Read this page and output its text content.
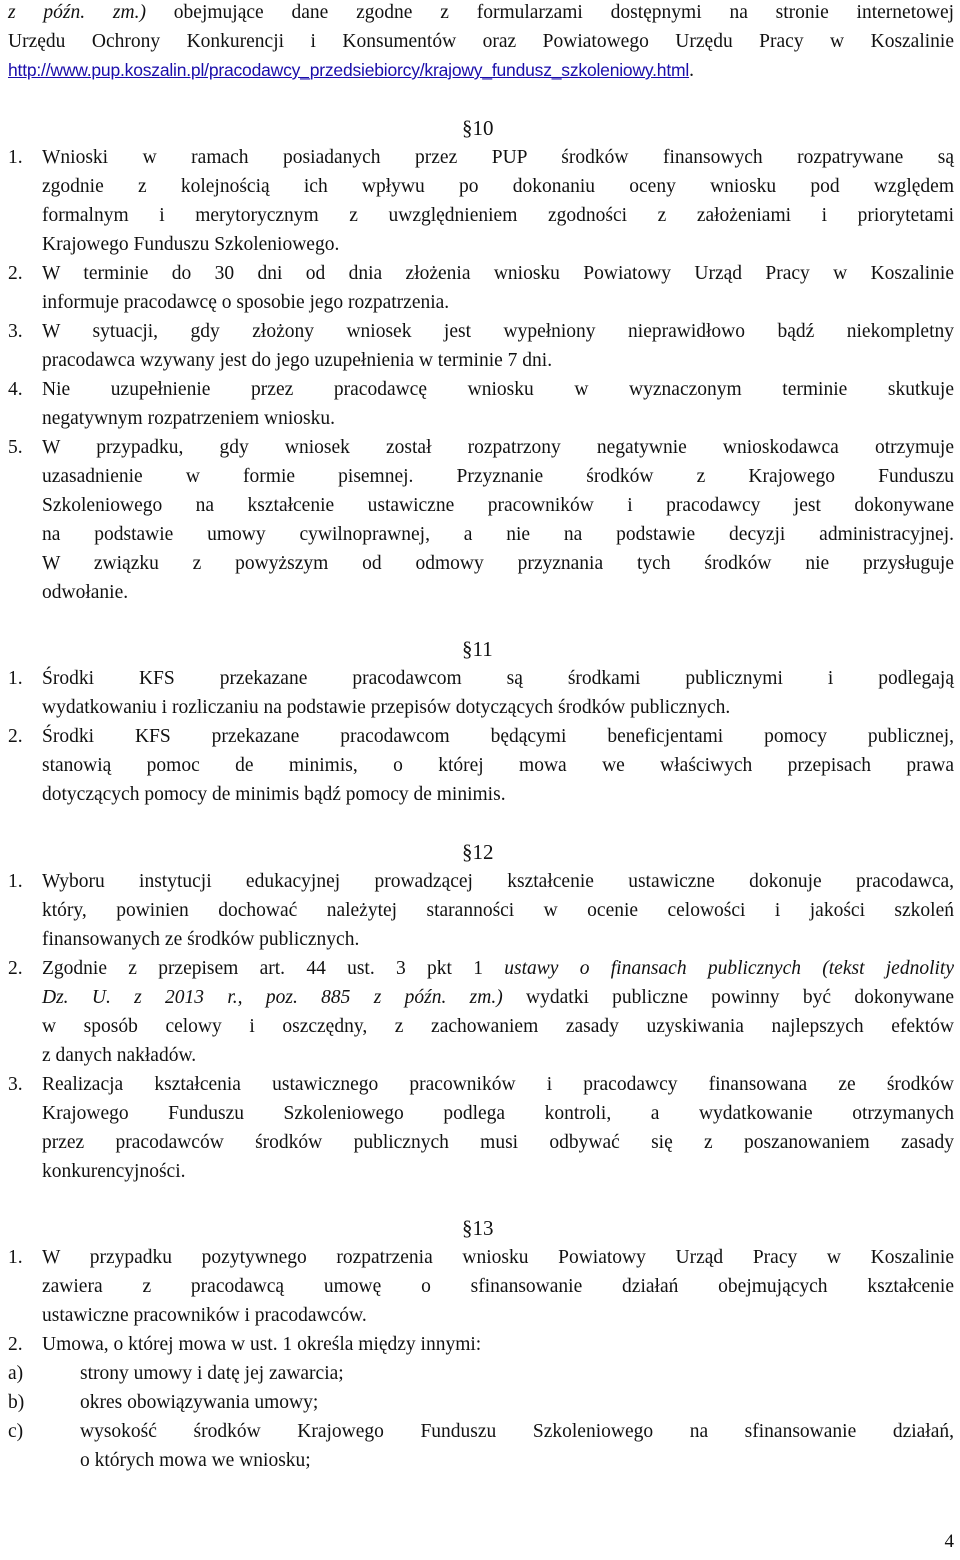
z późn. zm.) obejmujące dane zgodne z formularzami dostępnymi na stronie internetowej
Urzędu Ochrony Konkurencji i Konsumentów oraz Powiatowego Urzędu Pracy w Koszalinie
http://www.pup.koszalin.pl/pracodawcy_przedsiebiorcy/krajowy_fundusz_szkoleniowy.html.
§10
1. Wnioski w ramach posiadanych przez PUP środków finansowych rozpatrywane są
zgodnie z kolejnością ich wpływu po dokonaniu oceny wniosku pod względem
formalnym i merytorycznym z uwzględnieniem zgodności z założeniami i priorytetami
Krajowego Funduszu Szkoleniowego.
2. W terminie do 30 dni od dnia złożenia wniosku Powiatowy Urząd Pracy w Koszalinie
informuje pracodawcę o sposobie jego rozpatrzenia.
3. W sytuacji, gdy złożony wniosek jest wypełniony nieprawidłowo bądź niekompletny
pracodawca wzywany jest do jego uzupełnienia w terminie 7 dni.
4. Nie uzupełnienie przez pracodawcę wniosku w wyznaczonym terminie skutkuje
negatywnym rozpatrzeniem wniosku.
5. W przypadku, gdy wniosek został rozpatrzony negatywnie wnioskodawca otrzymuje
uzasadnienie w formie pisemnej. Przyznanie środków z Krajowego Funduszu
Szkoleniowego na kształcenie ustawiczne pracowników i pracodawcy jest dokonywane
na podstawie umowy cywilnoprawnej, a nie na podstawie decyzji administracyjnej.
W związku z powyższym od odmowy przyznania tych środków nie przysługuje
odwołanie.
§11
1. Środki KFS przekazane pracodawcom są środkami publicznymi i podlegają
wydatkowaniu i rozliczaniu na podstawie przepisów dotyczących środków publicznych.
2. Środki KFS przekazane pracodawcom będącymi beneficjentami pomocy publicznej,
stanowią pomoc de minimis, o której mowa we właściwych przepisach prawa
dotyczących pomocy de minimis bądź pomocy de minimis.
§12
1. Wyboru instytucji edukacyjnej prowadzącej kształcenie ustawiczne dokonuje pracodawca,
który, powinien dochować należytej staranności w ocenie celowości i jakości szkoleń
finansowanych ze środków publicznych.
2. Zgodnie z przepisem art. 44 ust. 3 pkt 1 ustawy o finansach publicznych (tekst jednolity
Dz. U. z 2013 r., poz. 885 z późn. zm.) wydatki publiczne powinny być dokonywane
w sposób celowy i oszczędny, z zachowaniem zasady uzyskiwania najlepszych efektów
z danych nakładów.
3. Realizacja kształcenia ustawicznego pracowników i pracodawcy finansowana ze środków
Krajowego Funduszu Szkoleniowego podlega kontroli, a wydatkowanie otrzymanych
przez pracodawców środków publicznych musi odbywać się z poszanowaniem zasady
konkurencyjności.
§13
1. W przypadku pozytywnego rozpatrzenia wniosku Powiatowy Urząd Pracy w Koszalinie
zawiera z pracodawcą umowę o sfinansowanie działań obejmujących kształcenie
ustawiczne pracowników i pracodawców.
2. Umowa, o której mowa w ust. 1 określa między innymi:
a)	strony umowy i datę jej zawarcia;
b)	okres obowiązywania umowy;
c)	wysokość środków Krajowego Funduszu Szkoleniowego na sfinansowanie działań,
o których mowa we wniosku;
4
